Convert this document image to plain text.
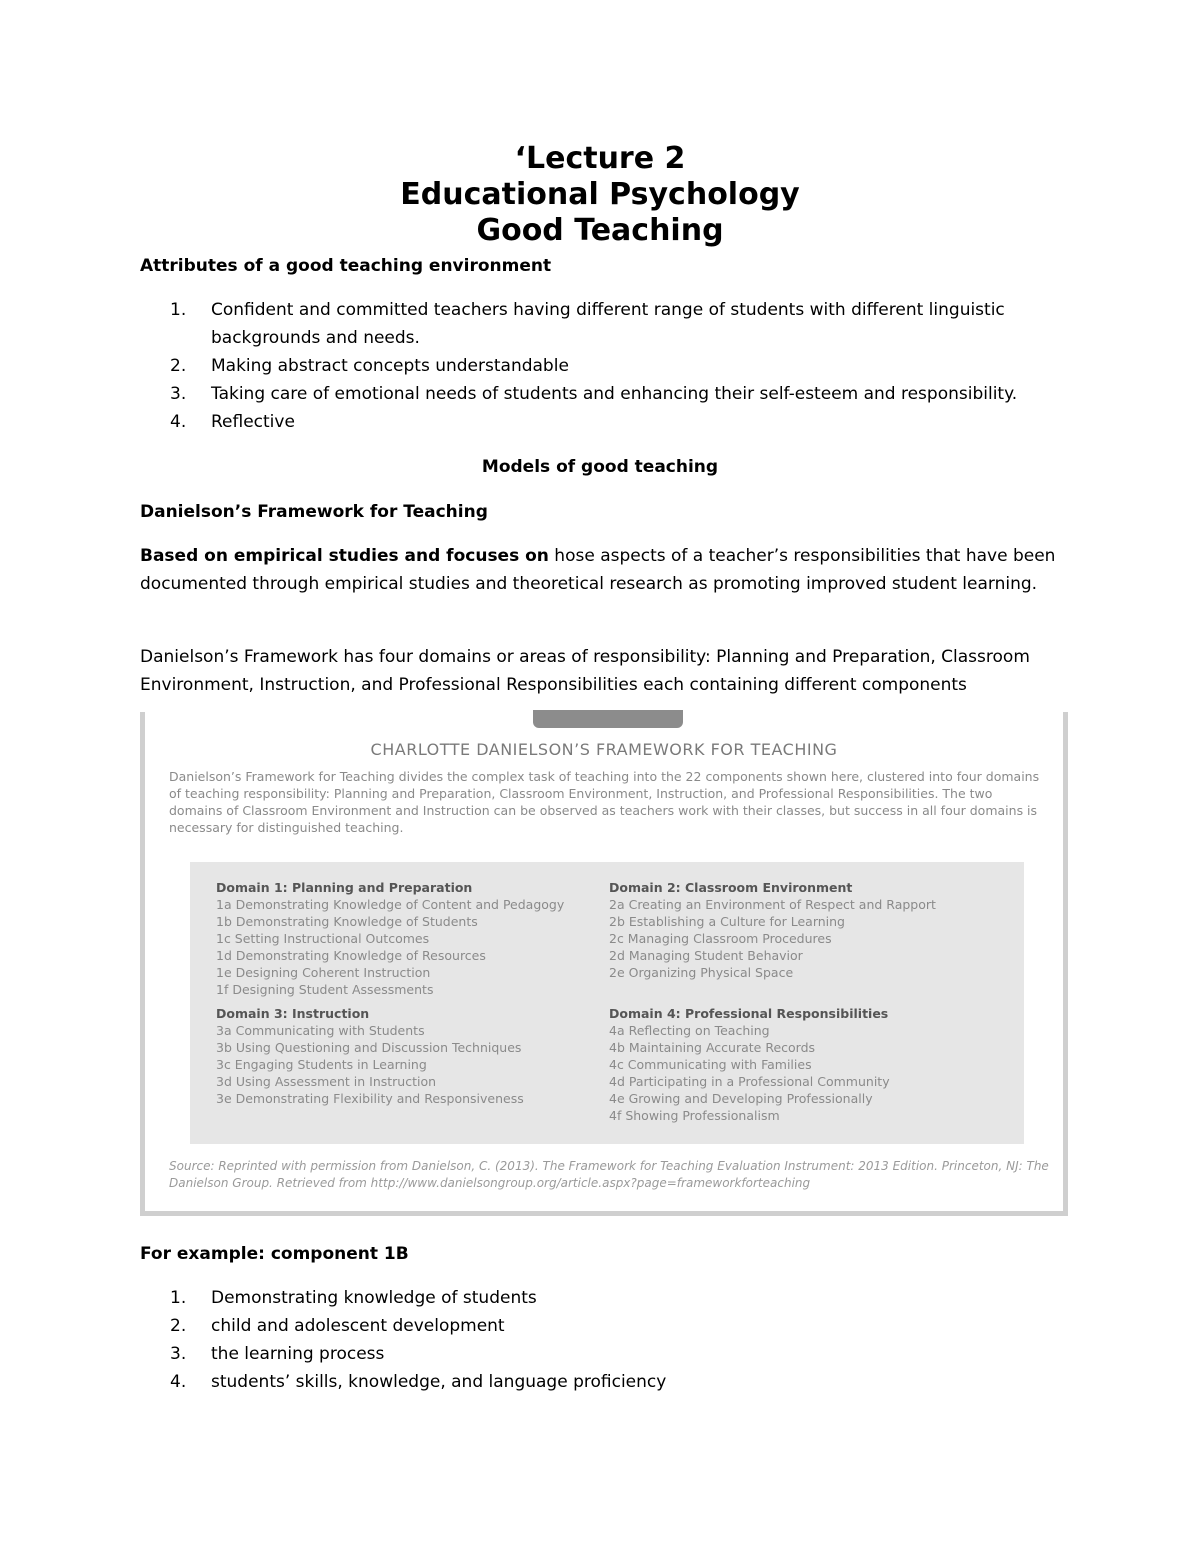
‘Lecture 2

Educational Psychology

Good Teaching

Attributes of a good teaching environment
1.	Confident and committed teachers having different range of students with different linguistic backgrounds and needs.
2.	Making abstract concepts understandable
3.	Taking care of emotional needs of students and enhancing their self-esteem and responsibility.
4.	Reflective
Models of good teaching
Danielson’s Framework for Teaching
Based on empirical studies and focuses on hose aspects of a teacher’s responsibilities that have been documented through empirical studies and theoretical research as promoting improved student learning.
Danielson’s Framework has four domains or areas of responsibility: Planning and Preparation, Classroom Environment, Instruction, and Professional Responsibilities each containing different components
CHARLOTTE DANIELSON’S FRAMEWORK FOR TEACHING
Danielson’s Framework for Teaching divides the complex task of teaching into the 22 components shown here, clustered into four domains of teaching responsibility: Planning and Preparation, Classroom Environment, Instruction, and Professional Responsibilities. The two domains of Classroom Environment and Instruction can be observed as teachers work with their classes, but success in all four domains is necessary for distinguished teaching.
Domain 1: Planning and Preparation
1a Demonstrating Knowledge of Content and Pedagogy
1b Demonstrating Knowledge of Students
1c Setting Instructional Outcomes
1d Demonstrating Knowledge of Resources
1e Designing Coherent Instruction
1f Designing Student Assessments
Domain 2: Classroom Environment
2a Creating an Environment of Respect and Rapport
2b Establishing a Culture for Learning
2c Managing Classroom Procedures
2d Managing Student Behavior
2e Organizing Physical Space
Domain 3: Instruction
3a Communicating with Students
3b Using Questioning and Discussion Techniques
3c Engaging Students in Learning
3d Using Assessment in Instruction
3e Demonstrating Flexibility and Responsiveness
Domain 4: Professional Responsibilities
4a Reflecting on Teaching
4b Maintaining Accurate Records
4c Communicating with Families
4d Participating in a Professional Community
4e Growing and Developing Professionally
4f Showing Professionalism
Source: Reprinted with permission from Danielson, C. (2013). The Framework for Teaching Evaluation Instrument: 2013 Edition. Princeton, NJ: The Danielson Group. Retrieved from http://www.danielsongroup.org/article.aspx?page=frameworkforteaching
For example: component 1B
1.	Demonstrating knowledge of students
2.	child and adolescent development
3.	the learning process
4.	students’ skills, knowledge, and language proficiency
